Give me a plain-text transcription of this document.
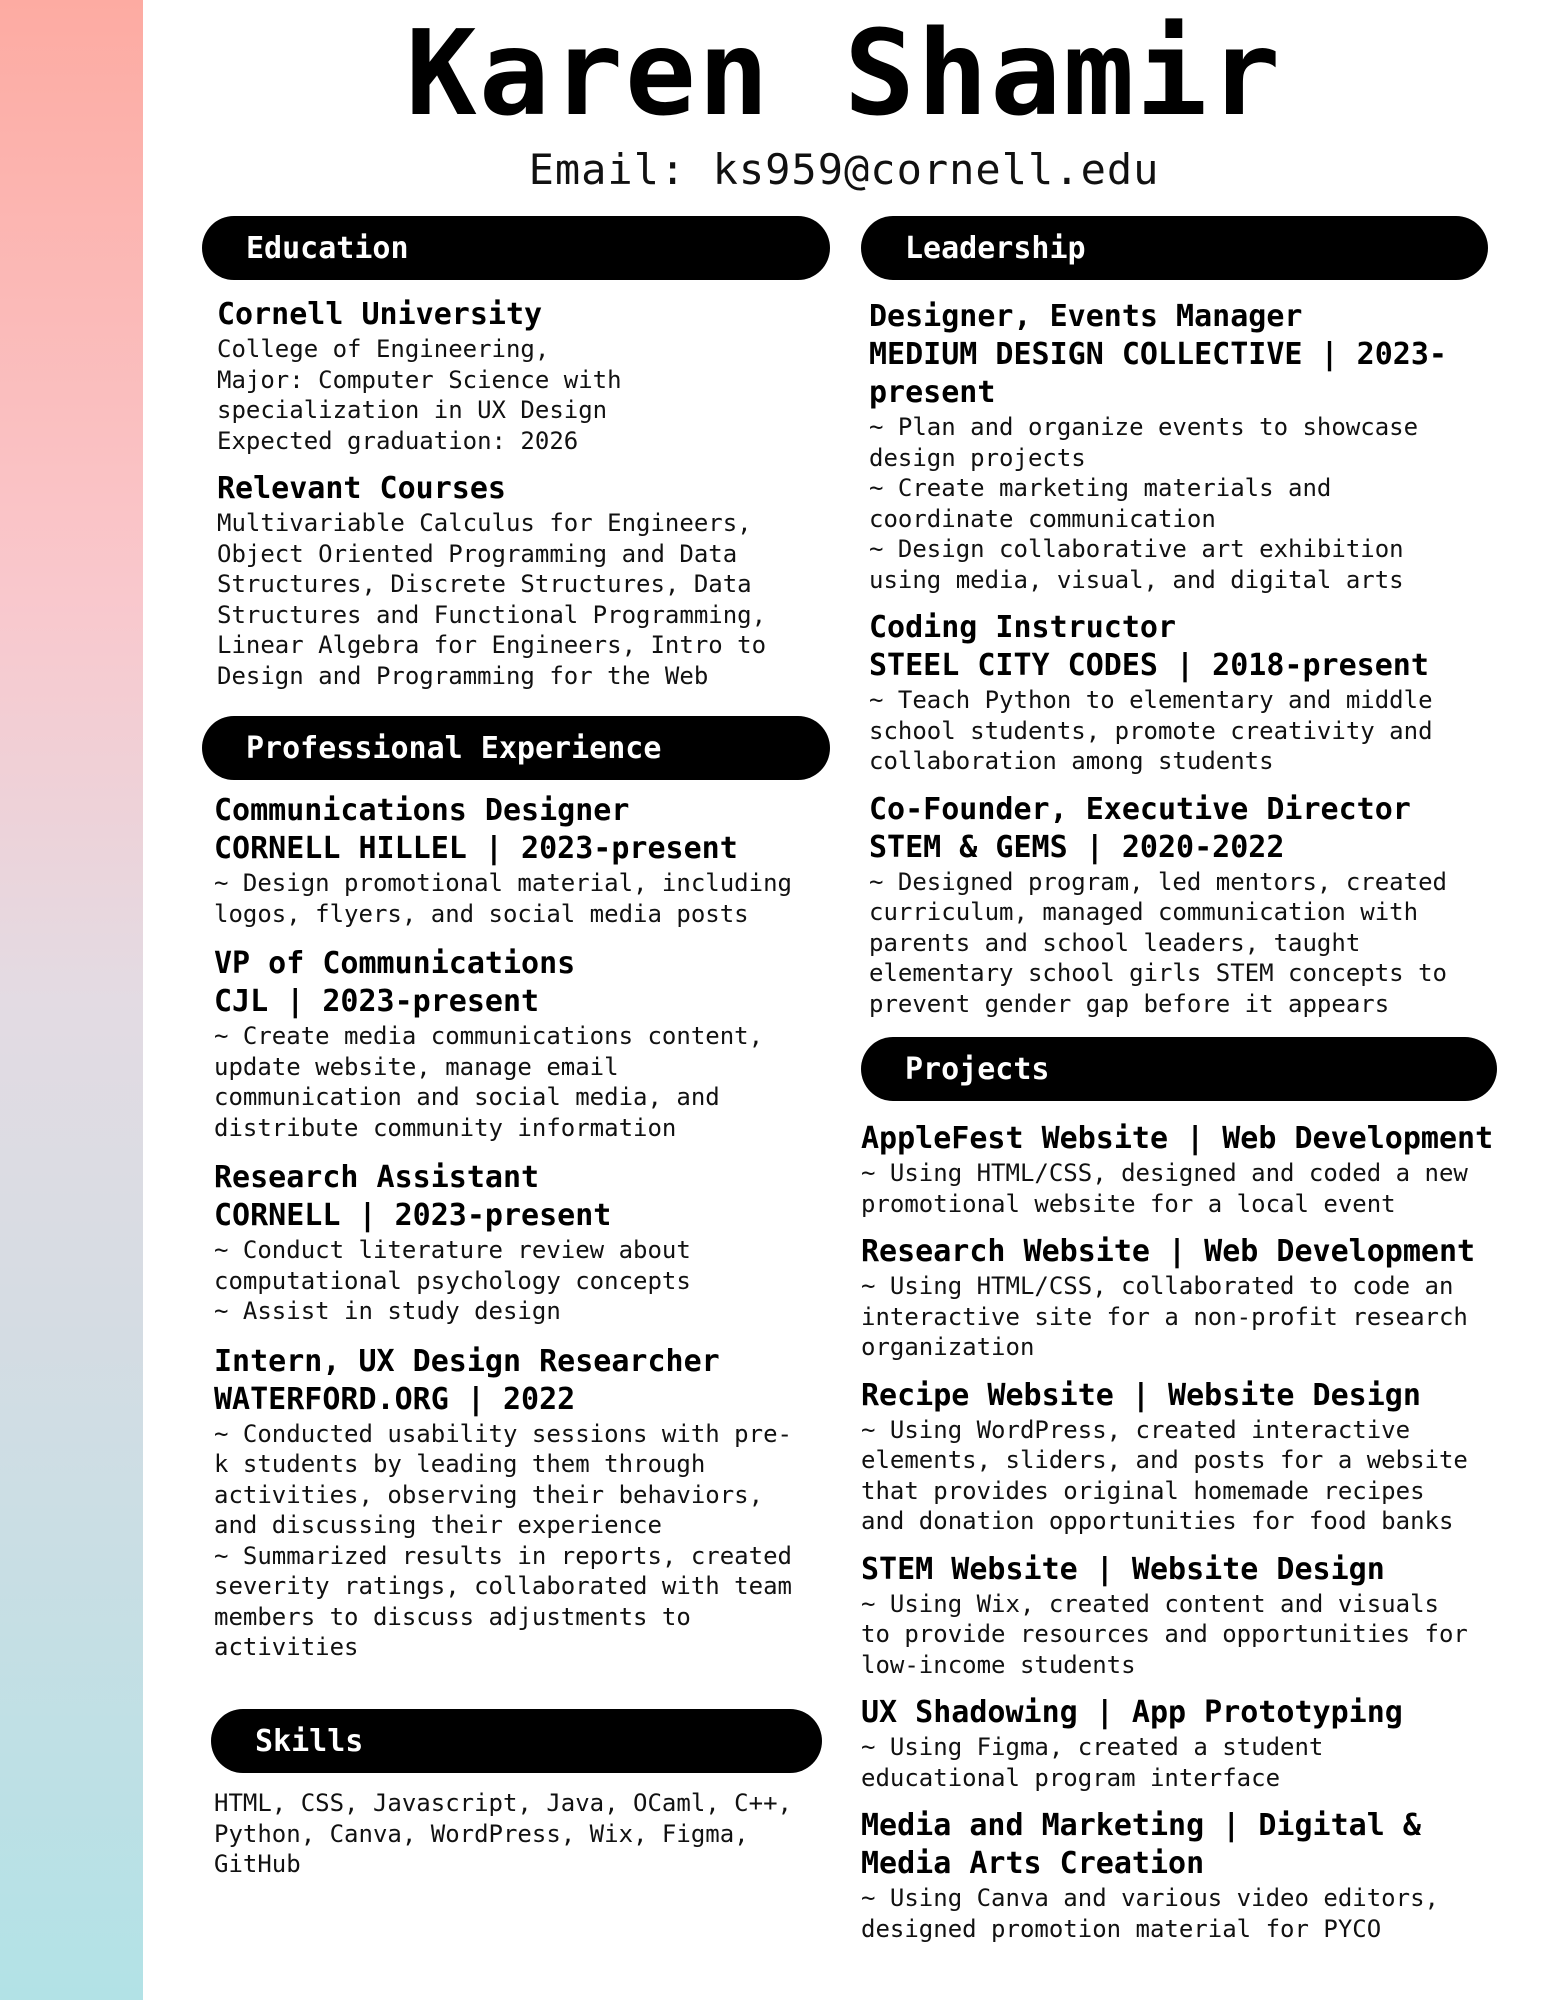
Karen Shamir
Email: ks959@cornell.edu
Education
Cornell University
College of Engineering,
Major: Computer Science with
specialization in UX Design
Expected graduation: 2026
Relevant Courses
Multivariable Calculus for Engineers,
Object Oriented Programming and Data
Structures, Discrete Structures, Data
Structures and Functional Programming,
Linear Algebra for Engineers, Intro to
Design and Programming for the Web
Professional Experience
Communications Designer
CORNELL HILLEL | 2023-present
~ Design promotional material, including
logos, flyers, and social media posts
VP of Communications
CJL | 2023-present
~ Create media communications content,
update website, manage email
communication and social media, and
distribute community information
Research Assistant
CORNELL | 2023-present
~ Conduct literature review about
computational psychology concepts
~ Assist in study design
Intern, UX Design Researcher
WATERFORD.ORG | 2022
~ Conducted usability sessions with pre-
k students by leading them through
activities, observing their behaviors,
and discussing their experience
~ Summarized results in reports, created
severity ratings, collaborated with team
members to discuss adjustments to
activities
Skills
HTML, CSS, Javascript, Java, OCaml, C++,
Python, Canva, WordPress, Wix, Figma,
GitHub
Leadership
Designer, Events Manager
MEDIUM DESIGN COLLECTIVE | 2023-
present
~ Plan and organize events to showcase
design projects
~ Create marketing materials and
coordinate communication
~ Design collaborative art exhibition
using media, visual, and digital arts
Coding Instructor
STEEL CITY CODES | 2018-present
~ Teach Python to elementary and middle
school students, promote creativity and
collaboration among students
Co-Founder, Executive Director
STEM & GEMS | 2020-2022
~ Designed program, led mentors, created
curriculum, managed communication with
parents and school leaders, taught
elementary school girls STEM concepts to
prevent gender gap before it appears
Projects
AppleFest Website | Web Development
~ Using HTML/CSS, designed and coded a new
promotional website for a local event
Research Website | Web Development
~ Using HTML/CSS, collaborated to code an
interactive site for a non-profit research
organization
Recipe Website | Website Design
~ Using WordPress, created interactive
elements, sliders, and posts for a website
that provides original homemade recipes
and donation opportunities for food banks
STEM Website | Website Design
~ Using Wix, created content and visuals
to provide resources and opportunities for
low-income students
UX Shadowing | App Prototyping
~ Using Figma, created a student
educational program interface
Media and Marketing | Digital &
Media Arts Creation
~ Using Canva and various video editors,
designed promotion material for PYCO
